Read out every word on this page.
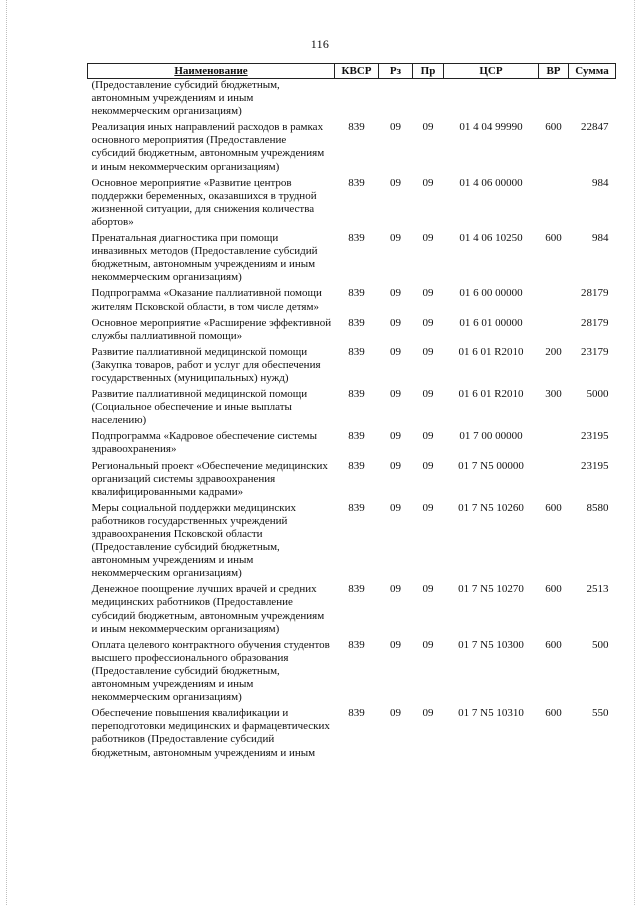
116
Наименование	КВСР	Рз	Пр	ЦСР	ВР	Сумма
(Предоставление субсидий бюджетным, автономным учреждениям и иным некоммерческим организациям)						
Реализация иных направлений расходов в рамках основного мероприятия (Предоставление субсидий бюджетным, автономным учреждениям и иным некоммерческим организациям)	839	09	09	01 4 04 99990	600	22847
Основное мероприятие «Развитие центров поддержки беременных, оказавшихся в трудной жизненной ситуации, для снижения количества абортов»	839	09	09	01 4 06 00000		984
Пренатальная диагностика при помощи инвазивных методов (Предоставление субсидий бюджетным, автономным учреждениям и иным некоммерческим организациям)	839	09	09	01 4 06 10250	600	984
Подпрограмма «Оказание паллиативной помощи жителям Псковской области, в том числе детям»	839	09	09	01 6 00 00000		28179
Основное мероприятие «Расширение эффективной службы паллиативной помощи»	839	09	09	01 6 01 00000		28179
Развитие паллиативной медицинской помощи (Закупка товаров, работ и услуг для обеспечения государственных (муниципальных) нужд)	839	09	09	01 6 01 R2010	200	23179
Развитие паллиативной медицинской помощи (Социальное обеспечение и иные выплаты населению)	839	09	09	01 6 01 R2010	300	5000
Подпрограмма «Кадровое обеспечение системы здравоохранения»	839	09	09	01 7 00 00000		23195
Региональный проект «Обеспечение медицинских организаций системы здравоохранения квалифицированными кадрами»	839	09	09	01 7 N5 00000		23195
Меры социальной поддержки медицинских работников государственных учреждений здравоохранения Псковской области (Предоставление субсидий бюджетным, автономным учреждениям и иным некоммерческим организациям)	839	09	09	01 7 N5 10260	600	8580
Денежное поощрение лучших врачей и средних медицинских работников (Предоставление субсидий бюджетным, автономным учреждениям и иным некоммерческим организациям)	839	09	09	01 7 N5 10270	600	2513
Оплата целевого контрактного обучения студентов высшего профессионального образования (Предоставление субсидий бюджетным, автономным учреждениям и иным некоммерческим организациям)	839	09	09	01 7 N5 10300	600	500
Обеспечение повышения квалификации и переподготовки медицинских и фармацевтических работников (Предоставление субсидий бюджетным, автономным учреждениям и иным	839	09	09	01 7 N5 10310	600	550
